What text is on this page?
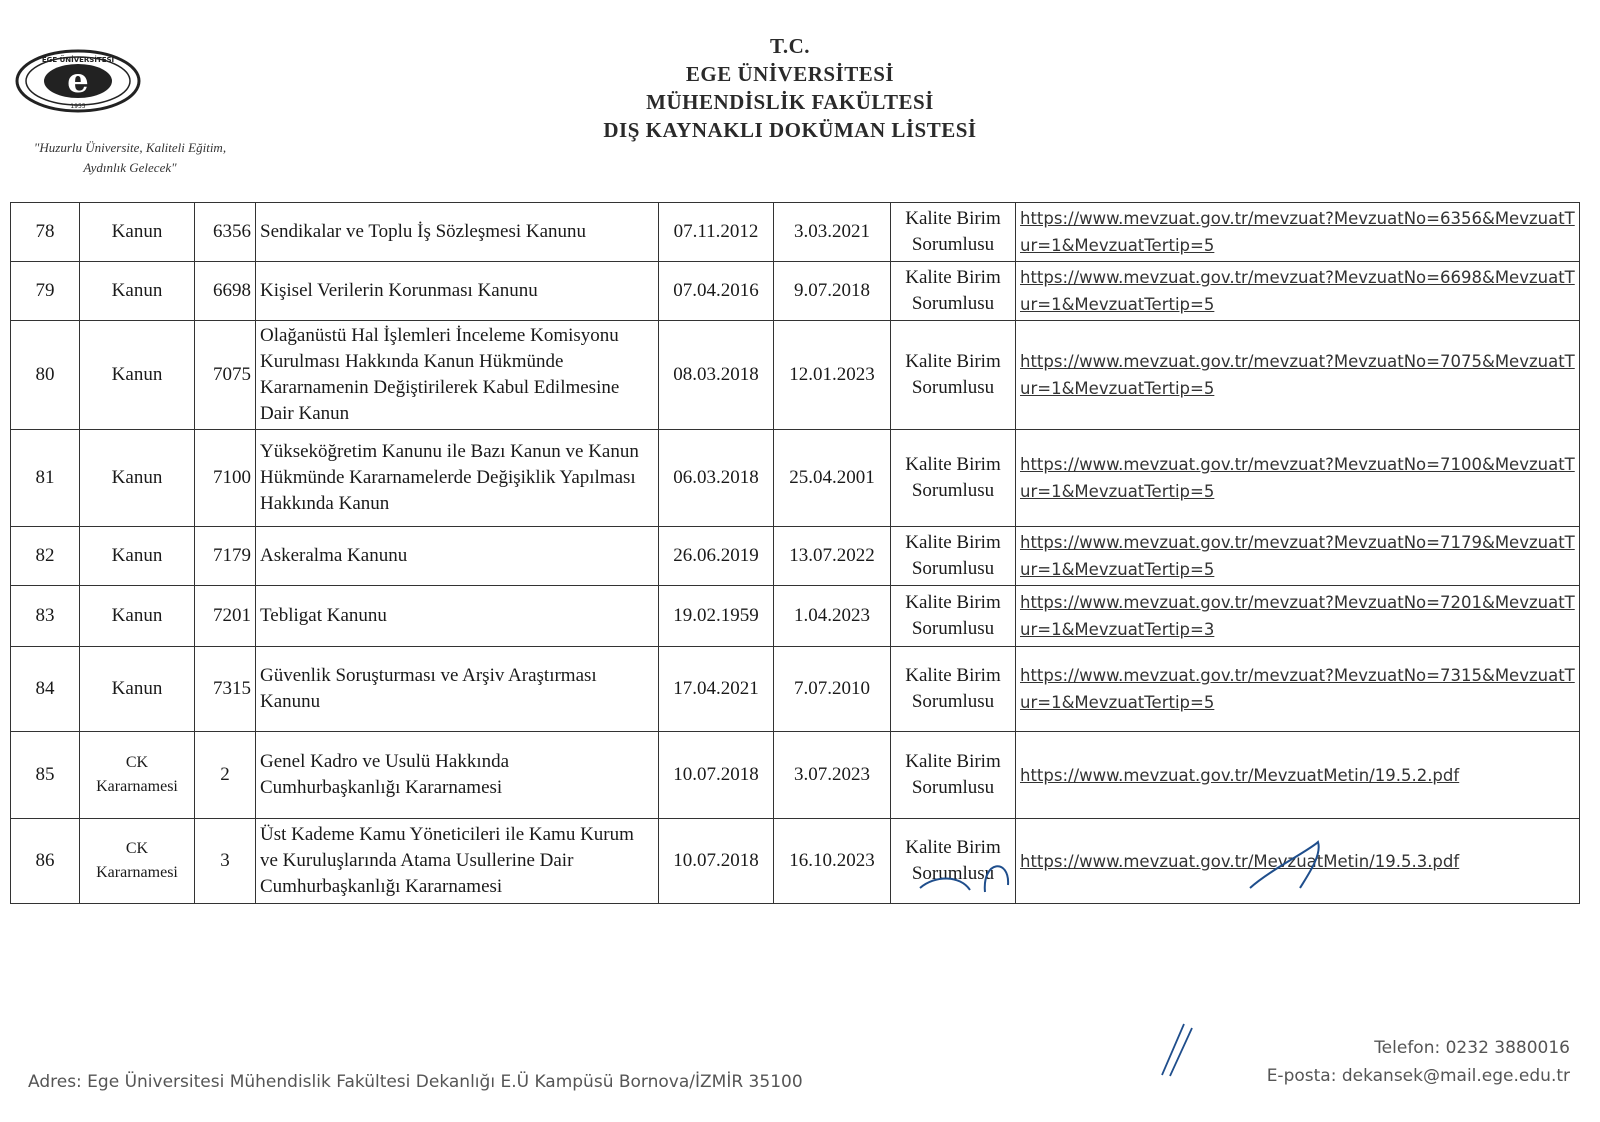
e
EGE ÜNİVERSİTESİ
1955
"Huzurlu Üniversite, Kaliteli Eğitim,
Aydınlık Gelecek"
T.C.
EGE ÜNİVERSİTESİ
MÜHENDİSLİK FAKÜLTESİ
DIŞ KAYNAKLI DOKÜMAN LİSTESİ
78	Kanun	6356	Sendikalar ve Toplu İş Sözleşmesi Kanunu	07.11.2012	3.03.2021	Kalite Birim Sorumlusu	https://www.mevzuat.gov.tr/mevzuat?MevzuatNo=6356&MevzuatTur=1&MevzuatTertip=5
79	Kanun	6698	Kişisel Verilerin Korunması Kanunu	07.04.2016	9.07.2018	Kalite Birim Sorumlusu	https://www.mevzuat.gov.tr/mevzuat?MevzuatNo=6698&MevzuatTur=1&MevzuatTertip=5
80	Kanun	7075	Olağanüstü Hal İşlemleri İnceleme Komisyonu Kurulması Hakkında Kanun Hükmünde Kararnamenin Değiştirilerek Kabul Edilmesine Dair Kanun	08.03.2018	12.01.2023	Kalite Birim Sorumlusu	https://www.mevzuat.gov.tr/mevzuat?MevzuatNo=7075&MevzuatTur=1&MevzuatTertip=5
81	Kanun	7100	Yükseköğretim Kanunu ile Bazı Kanun ve Kanun Hükmünde Kararnamelerde Değişiklik Yapılması Hakkında Kanun	06.03.2018	25.04.2001	Kalite Birim Sorumlusu	https://www.mevzuat.gov.tr/mevzuat?MevzuatNo=7100&MevzuatTur=1&MevzuatTertip=5
82	Kanun	7179	Askeralma Kanunu	26.06.2019	13.07.2022	Kalite Birim Sorumlusu	https://www.mevzuat.gov.tr/mevzuat?MevzuatNo=7179&MevzuatTur=1&MevzuatTertip=5
83	Kanun	7201	Tebligat Kanunu	19.02.1959	1.04.2023	Kalite Birim Sorumlusu	https://www.mevzuat.gov.tr/mevzuat?MevzuatNo=7201&MevzuatTur=1&MevzuatTertip=3
84	Kanun	7315	Güvenlik Soruşturması ve Arşiv Araştırması Kanunu	17.04.2021	7.07.2010	Kalite Birim Sorumlusu	https://www.mevzuat.gov.tr/mevzuat?MevzuatNo=7315&MevzuatTur=1&MevzuatTertip=5
85	CK Kararnamesi	2	Genel Kadro ve Usulü Hakkında Cumhurbaşkanlığı Kararnamesi	10.07.2018	3.07.2023	Kalite Birim Sorumlusu	https://www.mevzuat.gov.tr/MevzuatMetin/19.5.2.pdf
86	CK Kararnamesi	3	Üst Kademe Kamu Yöneticileri ile Kamu Kurum ve Kuruluşlarında Atama Usullerine Dair Cumhurbaşkanlığı Kararnamesi	10.07.2018	16.10.2023	Kalite Birim Sorumlusu	https://www.mevzuat.gov.tr/MevzuatMetin/19.5.3.pdf
Adres: Ege Üniversitesi Mühendislik Fakültesi Dekanlığı E.Ü Kampüsü Bornova/İZMİR 35100
Telefon: 0232 3880016
E-posta: dekansek@mail.ege.edu.tr
